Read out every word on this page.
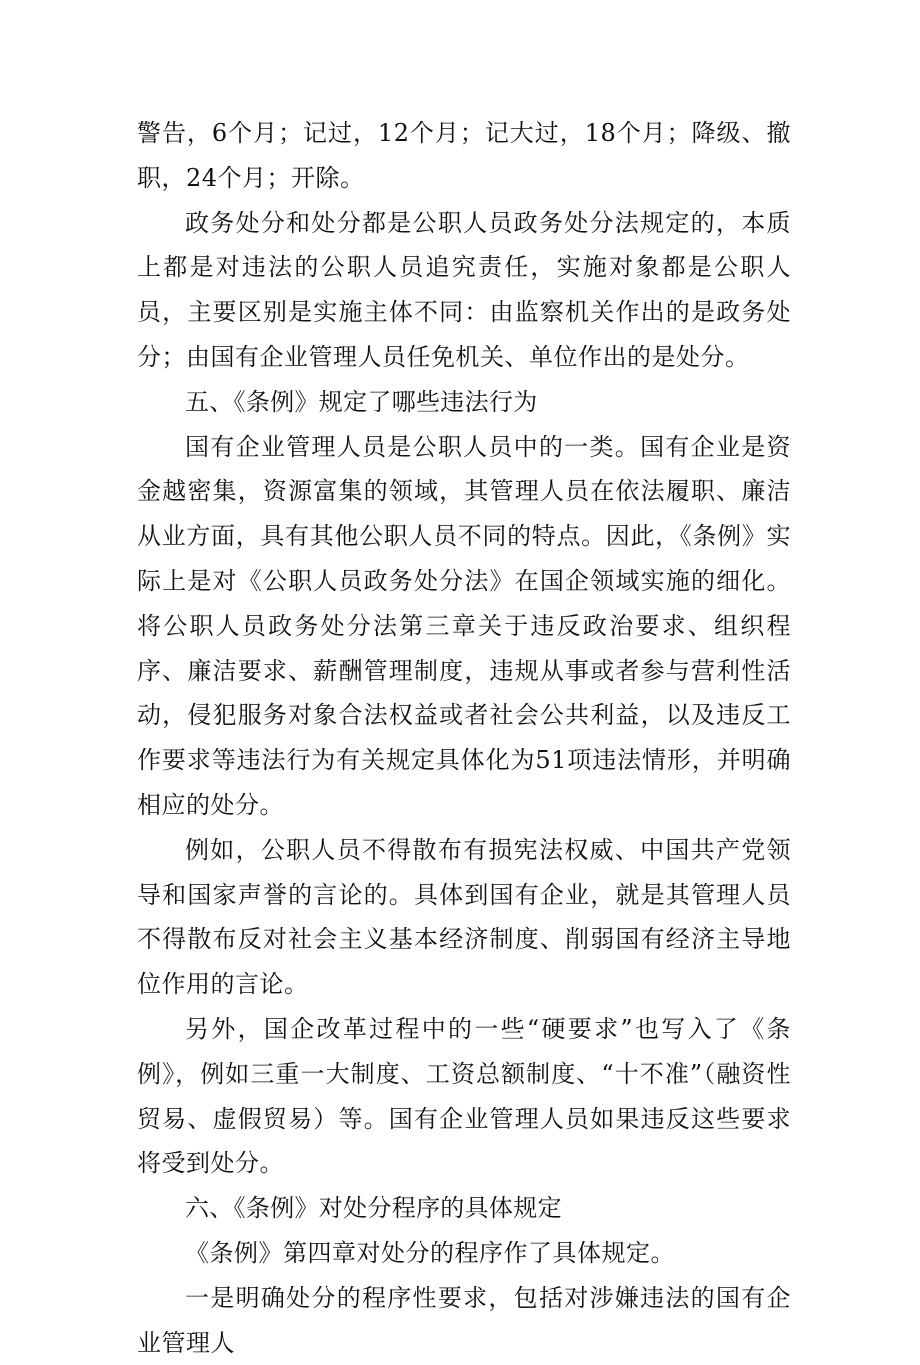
警告，6个月；记过，12个月；记大过，18个月；降级、撤职，24个月；开除。

政务处分和处分都是公职人员政务处分法规定的，本质上都是对违法的公职人员追究责任，实施对象都是公职人员，主要区别是实施主体不同：由监察机关作出的是政务处分；由国有企业管理人员任免机关、单位作出的是处分。

五、《条例》规定了哪些违法行为

国有企业管理人员是公职人员中的一类。国有企业是资金越密集，资源富集的领域，其管理人员在依法履职、廉洁从业方面，具有其他公职人员不同的特点。因此，《条例》实际上是对《公职人员政务处分法》在国企领域实施的细化。将公职人员政务处分法第三章关于违反政治要求、组织程序、廉洁要求、薪酬管理制度，违规从事或者参与营利性活动，侵犯服务对象合法权益或者社会公共利益，以及违反工作要求等违法行为有关规定具体化为51项违法情形，并明确相应的处分。

例如，公职人员不得散布有损宪法权威、中国共产党领导和国家声誉的言论的。具体到国有企业，就是其管理人员不得散布反对社会主义基本经济制度、削弱国有经济主导地位作用的言论。

另外，国企改革过程中的一些“硬要求”也写入了《条例》，例如三重一大制度、工资总额制度、“十不准”（融资性贸易、虚假贸易）等。国有企业管理人员如果违反这些要求将受到处分。

六、《条例》对处分程序的具体规定

《条例》第四章对处分的程序作了具体规定。

一是明确处分的程序性要求，包括对涉嫌违法的国有企业管理人
